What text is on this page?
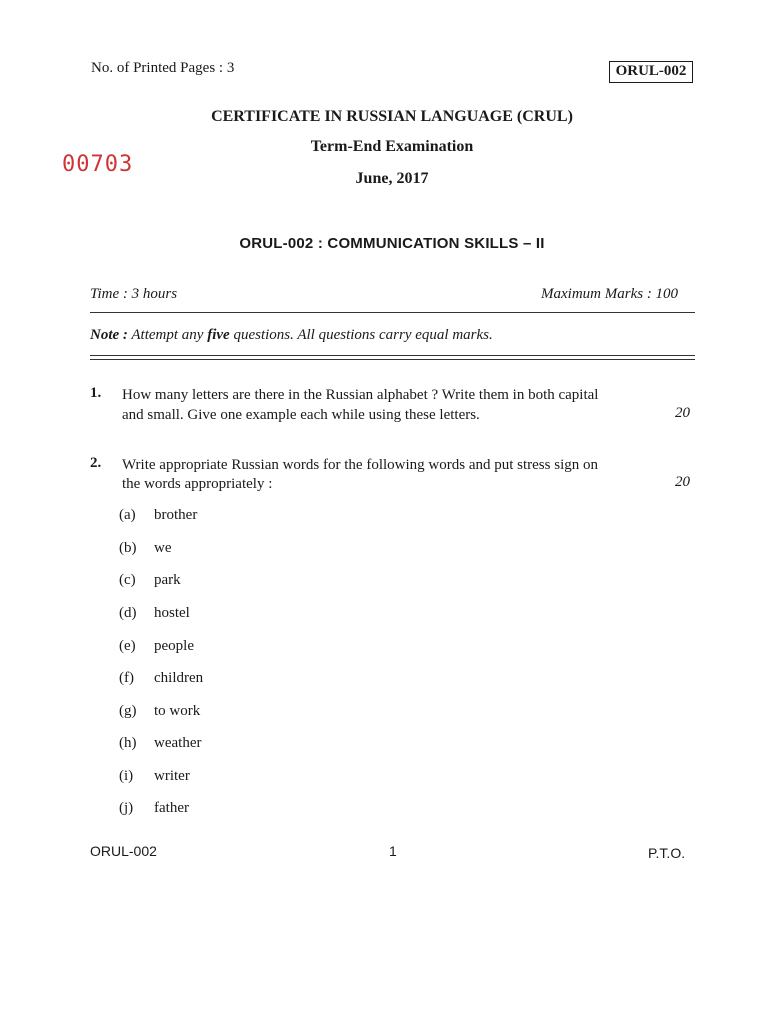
No. of Printed Pages : 3	ORUL-002
CERTIFICATE IN RUSSIAN LANGUAGE (CRUL)
Term-End Examination
June, 2017
00703
ORUL-002 : COMMUNICATION SKILLS – II
Time : 3 hours	Maximum Marks : 100
Note : Attempt any five questions. All questions carry equal marks.
1. How many letters are there in the Russian alphabet ? Write them in both capital
and small. Give one example each while using these letters.	20
2. Write appropriate Russian words for the following words and put stress sign on
the words appropriately :	20
(a) brother
(b) we
(c) park
(d) hostel
(e) people
(f) children
(g) to work
(h) weather
(i) writer
(j) father
ORUL-002	1	P.T.O.
